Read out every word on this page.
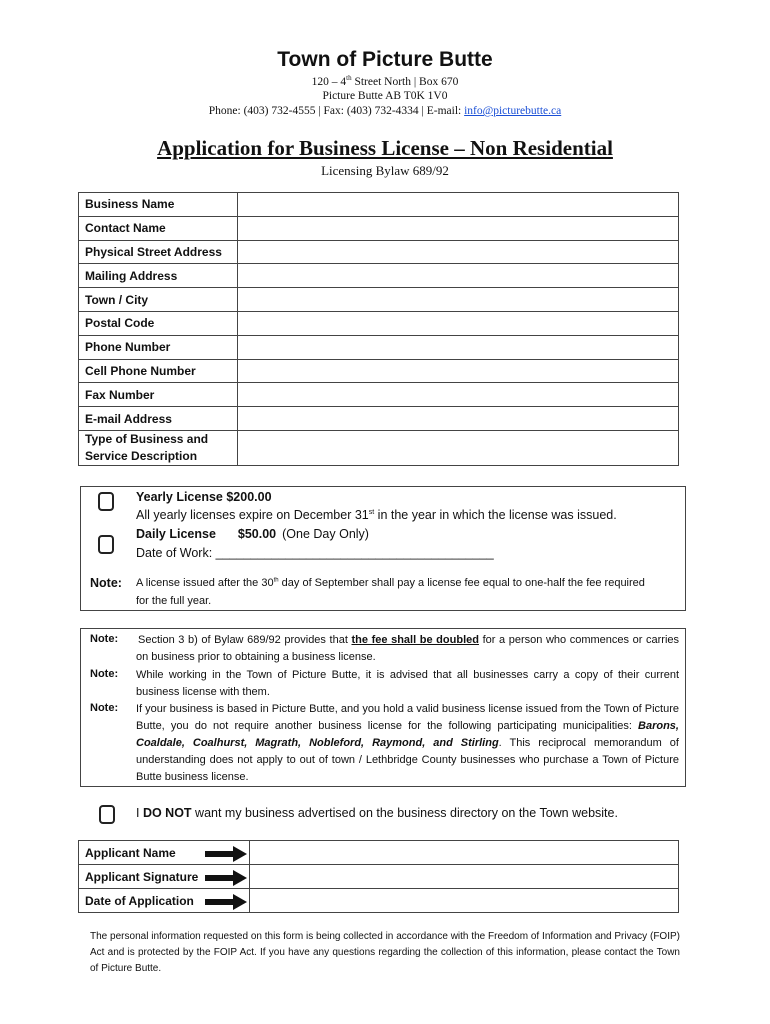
Town of Picture Butte
120 – 4th Street North | Box 670
Picture Butte AB T0K 1V0
Phone: (403) 732-4555 | Fax: (403) 732-4334 | E-mail: info@picturebutte.ca
Application for Business License – Non Residential
Licensing Bylaw 689/92
Business Name	
Contact Name	
Physical Street Address	
Mailing Address	
Town / City	
Postal Code	
Phone Number	
Cell Phone Number	
Fax Number	
E-mail Address	
Type of Business and
Service Description	
Yearly License $200.00
All yearly licenses expire on December 31st in the year in which the license was issued.
Daily License $50.00 (One Day Only)
Date of Work: ________________________________________
Note: A license issued after the 30th day of September shall pay a license fee equal to one-half the fee required
for the full year.
Note: Section 3 b) of Bylaw 689/92 provides that the fee shall be doubled for a person who commences or carries on business prior to obtaining a business license.
Note: While working in the Town of Picture Butte, it is advised that all businesses carry a copy of their current business license with them.
Note: If your business is based in Picture Butte, and you hold a valid business license issued from the Town of Picture Butte, you do not require another business license for the following participating municipalities: Barons, Coaldale, Coalhurst, Magrath, Nobleford, Raymond, and Stirling. This reciprocal memorandum of understanding does not apply to out of town / Lethbridge County businesses who purchase a Town of Picture Butte business license.
I DO NOT want my business advertised on the business directory on the Town website.
Applicant Name

Applicant Signature

Date of Application

The personal information requested on this form is being collected in accordance with the Freedom of Information and Privacy (FOIP) Act and is protected by the FOIP Act. If you have any questions regarding the collection of this information, please contact the Town of Picture Butte.
